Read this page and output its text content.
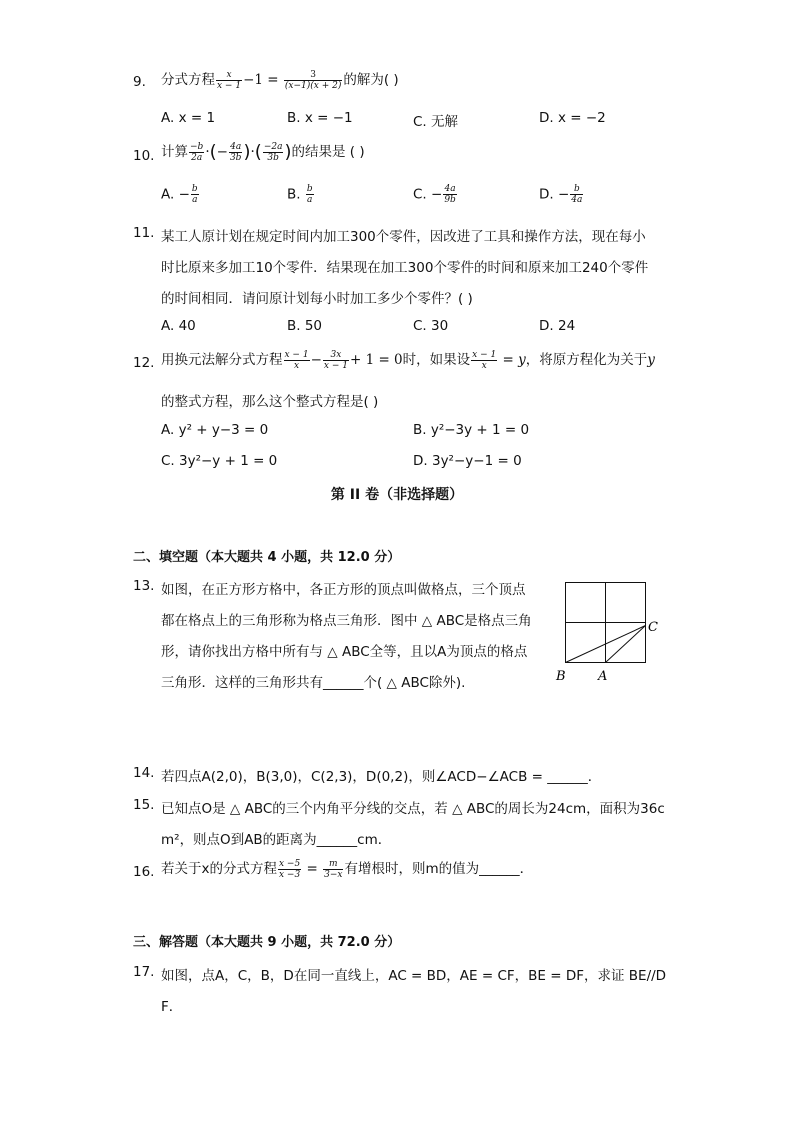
9. 分式方程 $\frac{x}{x - 1} -1 = \frac{3}{(x-1)(x + 2)}$ 的解为( )
A. x = 1	B. x = −1	C. 无解	D. x = −2
10. 计算 $\frac{-b}{2a}$ ·(− $\frac{4a}{3b}$ )·( $\frac{-2a}{3b}$ )的结果是 ( )
A. − $\frac{b}{a}$	B. $\frac{b}{a}$	C. − $\frac{4a}{9b}$	D. − $\frac{b}{4a}$
11. 某工人原计划在规定时间内加工300个零件，因改进了工具和操作方法，现在每小
时比原来多加工10个零件．结果现在加工300个零件的时间和原来加工240个零件
的时间相同．请问原计划每小时加工多少个零件？( )
A. 40	B. 50	C. 30	D. 24
12. 用换元法解分式方程 $\frac{x - 1}{x} - \frac{3x}{x - 1} + 1 = 0$时，如果设 $\frac{x - 1}{x} = y$，将原方程化为关于y
的整式方程，那么这个整式方程是( )
A. y² + y−3 = 0	B. y²−3y + 1 = 0
C. 3y²−y + 1 = 0	D. 3y²−y−1 = 0
第 II 卷（非选择题）
二、填空题（本大题共 4 小题，共 12.0 分）
13. 如图，在正方形方格中，各正方形的顶点叫做格点，三个顶点
都在格点上的三角形称为格点三角形．图中 △ ABC是格点三角
形，请你找出方格中所有与 △ ABC全等，且以A为顶点的格点
三角形．这样的三角形共有______个( △ ABC除外).
C
B A
14. 若四点A(2,0)，B(3,0)，C(2,3)，D(0,2)，则∠ACD−∠ACB = ______．
15. 已知点O是 △ ABC的三个内角平分线的交点，若 △ ABC的周长为24cm，面积为36c
m²，则点O到AB的距离为______cm．
16. 若关于x的分式方程 $\frac{x -5}{x -3} = \frac{m}{3-x}$ 有增根时，则m的值为______．
三、解答题（本大题共 9 小题，共 72.0 分）
17. 如图，点A，C，B，D在同一直线上，AC = BD，AE = CF，BE = DF，求证 BE//D
F．
